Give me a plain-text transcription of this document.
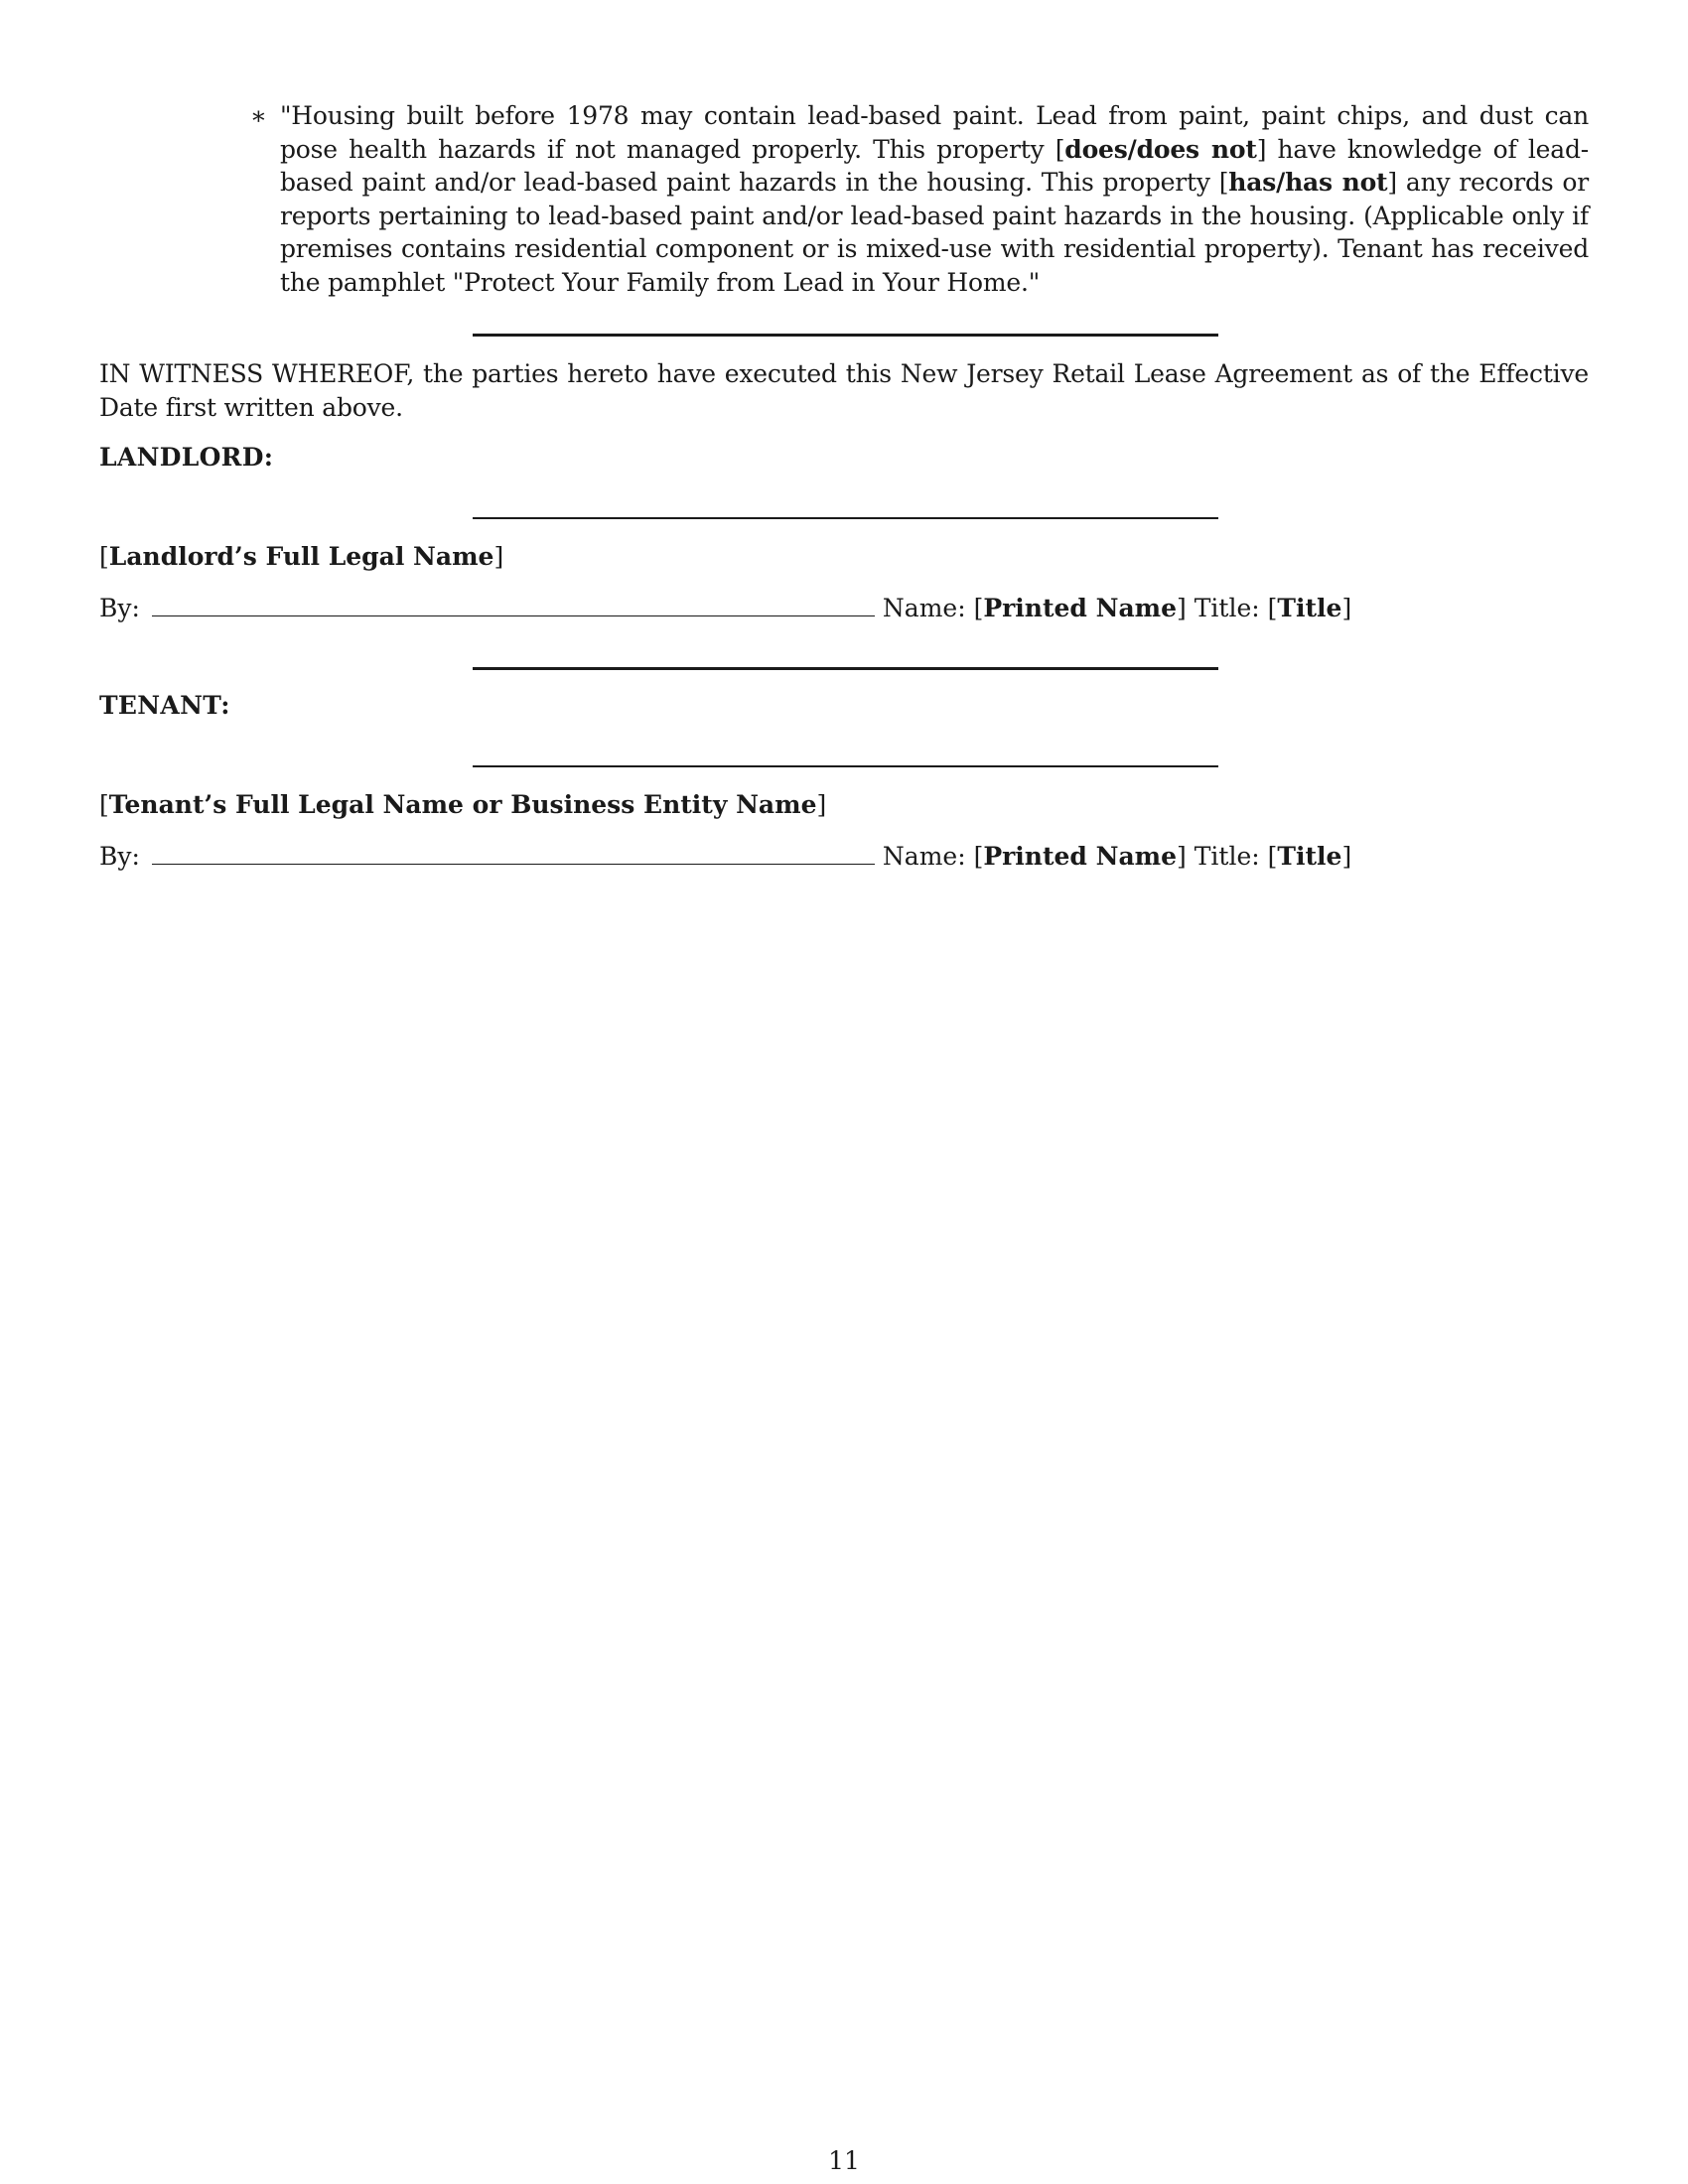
∗ "Housing built before 1978 may contain lead-based paint. Lead from paint, paint chips, and dust can pose health hazards if not managed properly. This property [does/does not] have knowledge of lead-based paint and/or lead-based paint hazards in the housing. This property [has/has not] any records or reports pertaining to lead-based paint and/or lead-based paint hazards in the housing. (Applicable only if premises contains residential component or is mixed-use with residential property). Tenant has received the pamphlet "Protect Your Family from Lead in Your Home."
IN WITNESS WHEREOF, the parties hereto have executed this New Jersey Retail Lease Agreement as of the Effective Date first written above.
LANDLORD:
[Landlord’s Full Legal Name]
By:	Name: [Printed Name] Title: [Title]
TENANT:
[Tenant’s Full Legal Name or Business Entity Name]
By:	Name: [Printed Name] Title: [Title]
11
